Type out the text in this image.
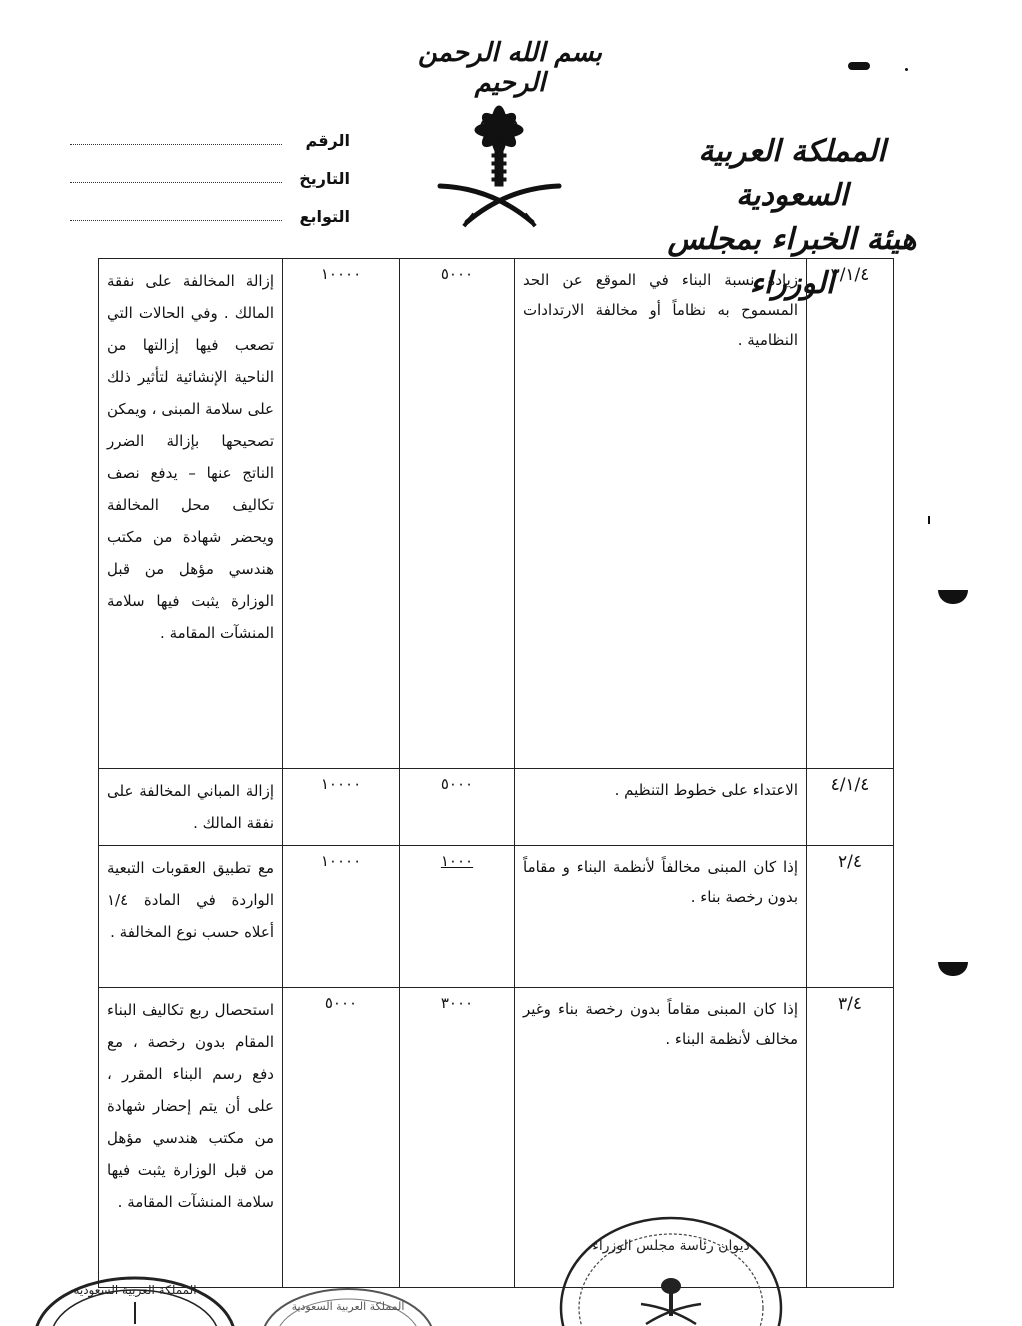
بسم الله الرحمن الرحيم
المملكة العربية السعودية
هيئة الخبراء بمجلس الوزراء
الرقم
التاريخ
التوابع
٣/١/٤	زيادة نسبة البناء في الموقع عن الحد المسموح به نظاماً أو مخالفة الارتدادات النظامية .	٥٠٠٠	١٠٠٠٠	إزالة المخالفة على نفقة المالك . وفي الحالات التي تصعب فيها إزالتها من الناحية الإنشائية لتأثير ذلك على سلامة المبنى ، ويمكن تصحيحها بإزالة الضرر الناتج عنها – يدفع نصف تكاليف محل المخالفة ويحضر شهادة من مكتب هندسي مؤهل من قبل الوزارة يثبت فيها سلامة المنشآت المقامة .
٤/١/٤	الاعتداء على خطوط التنظيم .	٥٠٠٠	١٠٠٠٠	إزالة المباني المخالفة على نفقة المالك .
٢/٤	إذا كان المبنى مخالفاً لأنظمة البناء و مقاماً بدون رخصة بناء .	١٠٠٠	١٠٠٠٠	مع تطبيق العقوبات التبعية الواردة في المادة ١/٤ أعلاه حسب نوع المخالفة .
٣/٤	إذا كان المبنى مقاماً بدون رخصة بناء وغير مخالف لأنظمة البناء .	٣٠٠٠	٥٠٠٠	استحصال ربع تكاليف البناء المقام بدون رخصة ، مع دفع رسم البناء المقرر ، على أن يتم إحضار شهادة من مكتب هندسي مؤهل من قبل الوزارة يثبت فيها سلامة المنشآت المقامة .
المملكة العربية السعودية
المملكة العربية السعودية
ديوان رئاسة مجلس الوزراء
